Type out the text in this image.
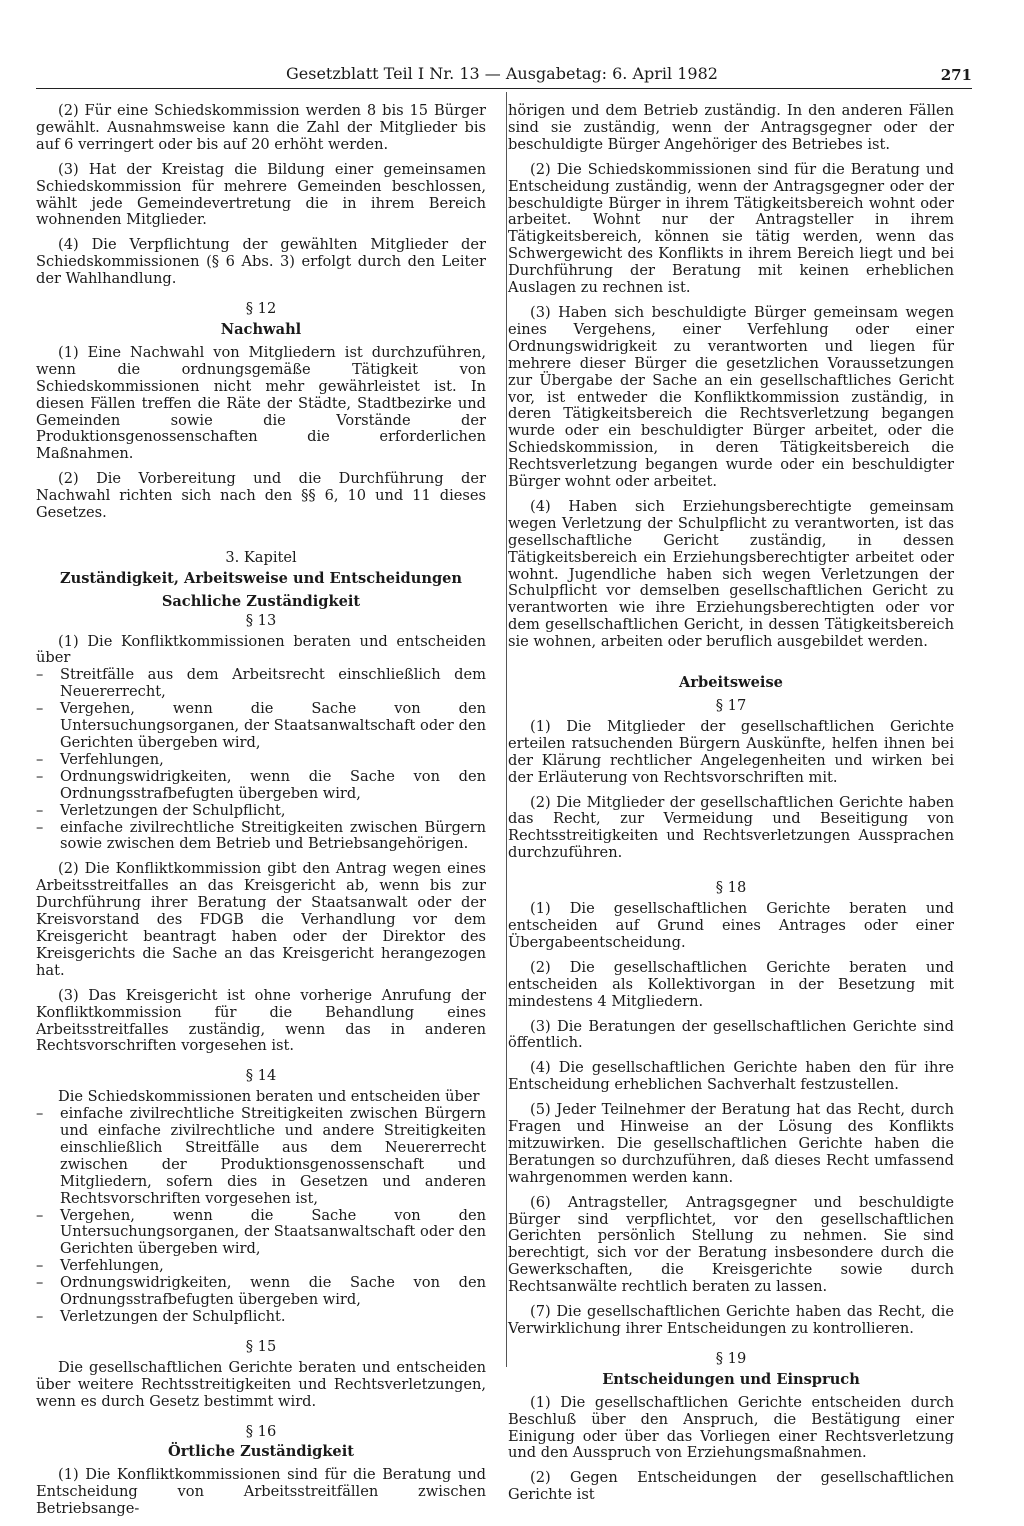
Gesetzblatt Teil I Nr. 13 — Ausgabetag: 6. April 1982	271

(2) Für eine Schiedskommission werden 8 bis 15 Bürger gewählt. Ausnahmsweise kann die Zahl der Mitglieder bis auf 6 verringert oder bis auf 20 erhöht werden.

(3) Hat der Kreistag die Bildung einer gemeinsamen Schiedskommission für mehrere Gemeinden beschlossen, wählt jede Gemeindevertretung die in ihrem Bereich wohnenden Mitglieder.

(4) Die Verpflichtung der gewählten Mitglieder der Schiedskommissionen (§ 6 Abs. 3) erfolgt durch den Leiter der Wahlhandlung.

§ 12
Nachwahl

(1) Eine Nachwahl von Mitgliedern ist durchzuführen, wenn die ordnungsgemäße Tätigkeit von Schiedskommissionen nicht mehr gewährleistet ist. In diesen Fällen treffen die Räte der Städte, Stadtbezirke und Gemeinden sowie die Vorstände der Produktionsgenossenschaften die erforderlichen Maßnahmen.

(2) Die Vorbereitung und die Durchführung der Nachwahl richten sich nach den §§ 6, 10 und 11 dieses Gesetzes.

3. Kapitel
Zuständigkeit, Arbeitsweise und Entscheidungen
Sachliche Zuständigkeit
§ 13

(1) Die Konfliktkommissionen beraten und entscheiden über

– Streitfälle aus dem Arbeitsrecht einschließlich dem Neuererrecht,
– Vergehen, wenn die Sache von den Untersuchungsorganen, der Staatsanwaltschaft oder den Gerichten übergeben wird,
– Verfehlungen,
– Ordnungswidrigkeiten, wenn die Sache von den Ordnungsstrafbefugten übergeben wird,
– Verletzungen der Schulpflicht,
– einfache zivilrechtliche Streitigkeiten zwischen Bürgern sowie zwischen dem Betrieb und Betriebsangehörigen.

(2) Die Konfliktkommission gibt den Antrag wegen eines Arbeitsstreitfalles an das Kreisgericht ab, wenn bis zur Durchführung ihrer Beratung der Staatsanwalt oder der Kreisvorstand des FDGB die Verhandlung vor dem Kreisgericht beantragt haben oder der Direktor des Kreisgerichts die Sache an das Kreisgericht herangezogen hat.

(3) Das Kreisgericht ist ohne vorherige Anrufung der Konfliktkommission für die Behandlung eines Arbeitsstreitfalles zuständig, wenn das in anderen Rechtsvorschriften vorgesehen ist.

§ 14

Die Schiedskommissionen beraten und entscheiden über

– einfache zivilrechtliche Streitigkeiten zwischen Bürgern und einfache zivilrechtliche und andere Streitigkeiten einschließlich Streitfälle aus dem Neuererrecht zwischen der Produktionsgenossenschaft und Mitgliedern, sofern dies in Gesetzen und anderen Rechtsvorschriften vorgesehen ist,
– Vergehen, wenn die Sache von den Untersuchungsorganen, der Staatsanwaltschaft oder den Gerichten übergeben wird,
– Verfehlungen,
– Ordnungswidrigkeiten, wenn die Sache von den Ordnungsstrafbefugten übergeben wird,
– Verletzungen der Schulpflicht.
§ 15

Die gesellschaftlichen Gerichte beraten und entscheiden über weitere Rechtsstreitigkeiten und Rechtsverletzungen, wenn es durch Gesetz bestimmt wird.

§ 16
Örtliche Zuständigkeit

(1) Die Konfliktkommissionen sind für die Beratung und Entscheidung von Arbeitsstreitfällen zwischen Betriebsange-

hörigen und dem Betrieb zuständig. In den anderen Fällen sind sie zuständig, wenn der Antragsgegner oder der beschuldigte Bürger Angehöriger des Betriebes ist.

(2) Die Schiedskommissionen sind für die Beratung und Entscheidung zuständig, wenn der Antragsgegner oder der beschuldigte Bürger in ihrem Tätigkeitsbereich wohnt oder arbeitet. Wohnt nur der Antragsteller in ihrem Tätigkeitsbereich, können sie tätig werden, wenn das Schwergewicht des Konflikts in ihrem Bereich liegt und bei Durchführung der Beratung mit keinen erheblichen Auslagen zu rechnen ist.

(3) Haben sich beschuldigte Bürger gemeinsam wegen eines Vergehens, einer Verfehlung oder einer Ordnungswidrigkeit zu verantworten und liegen für mehrere dieser Bürger die gesetzlichen Voraussetzungen zur Übergabe der Sache an ein gesellschaftliches Gericht vor, ist entweder die Konfliktkommission zuständig, in deren Tätigkeitsbereich die Rechtsverletzung begangen wurde oder ein beschuldigter Bürger arbeitet, oder die Schiedskommission, in deren Tätigkeitsbereich die Rechtsverletzung begangen wurde oder ein beschuldigter Bürger wohnt oder arbeitet.

(4) Haben sich Erziehungsberechtigte gemeinsam wegen Verletzung der Schulpflicht zu verantworten, ist das gesellschaftliche Gericht zuständig, in dessen Tätigkeitsbereich ein Erziehungsberechtigter arbeitet oder wohnt. Jugendliche haben sich wegen Verletzungen der Schulpflicht vor demselben gesellschaftlichen Gericht zu verantworten wie ihre Erziehungsberechtigten oder vor dem gesellschaftlichen Gericht, in dessen Tätigkeitsbereich sie wohnen, arbeiten oder beruflich ausgebildet werden.

Arbeitsweise
§ 17

(1) Die Mitglieder der gesellschaftlichen Gerichte erteilen ratsuchenden Bürgern Auskünfte, helfen ihnen bei der Klärung rechtlicher Angelegenheiten und wirken bei der Erläuterung von Rechtsvorschriften mit.

(2) Die Mitglieder der gesellschaftlichen Gerichte haben das Recht, zur Vermeidung und Beseitigung von Rechtsstreitigkeiten und Rechtsverletzungen Aussprachen durchzuführen.

§ 18

(1) Die gesellschaftlichen Gerichte beraten und entscheiden auf Grund eines Antrages oder einer Übergabeentscheidung.

(2) Die gesellschaftlichen Gerichte beraten und entscheiden als Kollektivorgan in der Besetzung mit mindestens 4 Mitgliedern.

(3) Die Beratungen der gesellschaftlichen Gerichte sind öffentlich.

(4) Die gesellschaftlichen Gerichte haben den für ihre Entscheidung erheblichen Sachverhalt festzustellen.

(5) Jeder Teilnehmer der Beratung hat das Recht, durch Fragen und Hinweise an der Lösung des Konflikts mitzuwirken. Die gesellschaftlichen Gerichte haben die Beratungen so durchzuführen, daß dieses Recht umfassend wahrgenommen werden kann.

(6) Antragsteller, Antragsgegner und beschuldigte Bürger sind verpflichtet, vor den gesellschaftlichen Gerichten persönlich Stellung zu nehmen. Sie sind berechtigt, sich vor der Beratung insbesondere durch die Gewerkschaften, die Kreisgerichte sowie durch Rechtsanwälte rechtlich beraten zu lassen.

(7) Die gesellschaftlichen Gerichte haben das Recht, die Verwirklichung ihrer Entscheidungen zu kontrollieren.

§ 19
Entscheidungen und Einspruch

(1) Die gesellschaftlichen Gerichte entscheiden durch Beschluß über den Anspruch, die Bestätigung einer Einigung oder über das Vorliegen einer Rechtsverletzung und den Ausspruch von Erziehungsmaßnahmen.

(2) Gegen Entscheidungen der gesellschaftlichen Gerichte ist
